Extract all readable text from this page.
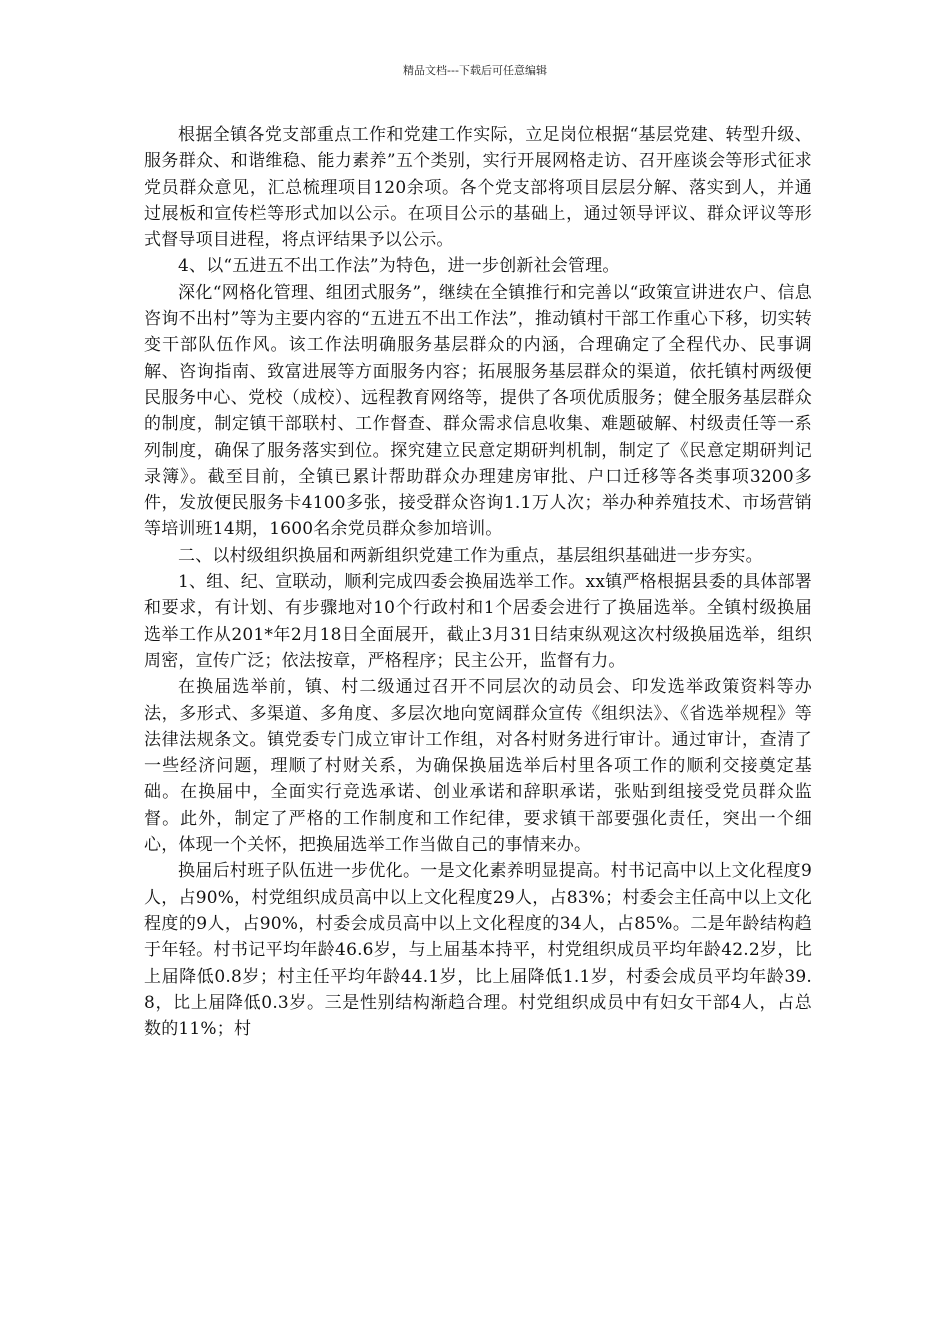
精品文档---下载后可任意编辑

根据全镇各党支部重点工作和党建工作实际，立足岗位根据“基层党建、转型升级、服务群众、和谐维稳、能力素养”五个类别，实行开展网格走访、召开座谈会等形式征求党员群众意见，汇总梳理项目120余项。各个党支部将项目层层分解、落实到人，并通过展板和宣传栏等形式加以公示。在项目公示的基础上，通过领导评议、群众评议等形式督导项目进程，将点评结果予以公示。

4、以“五进五不出工作法”为特色，进一步创新社会管理。

深化“网格化管理、组团式服务”，继续在全镇推行和完善以“政策宣讲进农户、信息咨询不出村”等为主要内容的“五进五不出工作法”，推动镇村干部工作重心下移，切实转变干部队伍作风。该工作法明确服务基层群众的内涵，合理确定了全程代办、民事调解、咨询指南、致富进展等方面服务内容；拓展服务基层群众的渠道，依托镇村两级便民服务中心、党校（成校）、远程教育网络等，提供了各项优质服务；健全服务基层群众的制度，制定镇干部联村、工作督查、群众需求信息收集、难题破解、村级责任等一系列制度，确保了服务落实到位。探究建立民意定期研判机制，制定了《民意定期研判记录簿》。截至目前，全镇已累计帮助群众办理建房审批、户口迁移等各类事项3200多件，发放便民服务卡4100多张，接受群众咨询1.1万人次；举办种养殖技术、市场营销等培训班14期，1600名余党员群众参加培训。

二、以村级组织换届和两新组织党建工作为重点，基层组织基础进一步夯实。

1、组、纪、宣联动，顺利完成四委会换届选举工作。xx镇严格根据县委的具体部署和要求，有计划、有步骤地对10个行政村和1个居委会进行了换届选举。全镇村级换届选举工作从201*年2月18日全面展开，截止3月31日结束纵观这次村级换届选举，组织周密，宣传广泛；依法按章，严格程序；民主公开，监督有力。

在换届选举前，镇、村二级通过召开不同层次的动员会、印发选举政策资料等办法，多形式、多渠道、多角度、多层次地向宽阔群众宣传《组织法》、《省选举规程》等法律法规条文。镇党委专门成立审计工作组，对各村财务进行审计。通过审计，查清了一些经济问题，理顺了村财关系，为确保换届选举后村里各项工作的顺利交接奠定基础。在换届中，全面实行竞选承诺、创业承诺和辞职承诺，张贴到组接受党员群众监督。此外，制定了严格的工作制度和工作纪律，要求镇干部要强化责任，突出一个细心，体现一个关怀，把换届选举工作当做自己的事情来办。

换届后村班子队伍进一步优化。一是文化素养明显提高。村书记高中以上文化程度9人，占90%，村党组织成员高中以上文化程度29人，占83%；村委会主任高中以上文化程度的9人，占90%，村委会成员高中以上文化程度的34人，占85%。二是年龄结构趋于年轻。村书记平均年龄46.6岁，与上届基本持平，村党组织成员平均年龄42.2岁，比上届降低0.8岁；村主任平均年龄44.1岁，比上届降低1.1岁，村委会成员平均年龄39.8，比上届降低0.3岁。三是性别结构渐趋合理。村党组织成员中有妇女干部4人，占总数的11%；村
